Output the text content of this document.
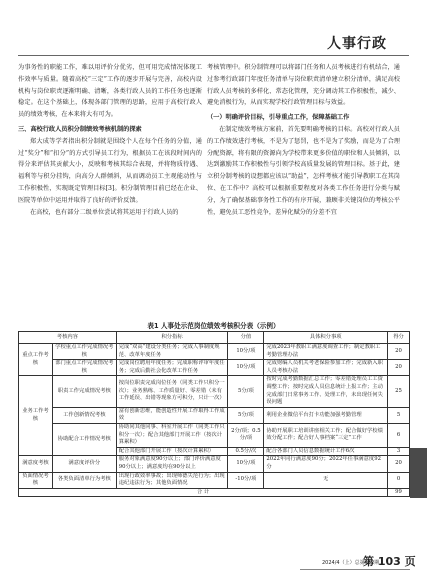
人事行政

为事务性的职能工作，难以用评价分优劣，但可用完成情况体现工作效率与质量。随着高校“三定”工作的逐步开展与完善，高校内设机构与岗位职责逐渐明确、清晰，各类行政人员的工作任务也逐渐稳定。在这个基础上，体现各部门管理的思路，应用于高校行政人员的绩效考核，在本来将大有可为。

三、高校行政人员积分制绩效考核机制的探索

郑大成等学者指出积分制就是围绕个人在每个任务的分值，通过“奖分”和“扣分”的方式引导员工行为，根据员工在该段时间内的得分来评估其贡献大小，反映和考核其综合表现，并将物质待遇、福利等与积分挂钩，向高分人群倾斜，从而调动员工主观能动性与工作积极性，实现既定管理目标[3]。积分制管理目前已经在企业、医院等单位中运用并取得了良好的评价反馈。

在高校，也有部分二级单位尝试将其运用于行政人员的

考核管理中。积分制管理可以将部门任务和人员考核进行有机结合，通过参考行政部门年度任务清单与岗位职责清单建立积分清单，满足高校行政人员考核的多样化、常态化管理，充分调动其工作积极性，减少、避免消极行为，从而实现学校行政管理目标与效益。

（一）明确评价目标，引导重点工作，保障基础工作

在制定绩效考核方案前，首先要明确考核的目标。高校对行政人员的工作绩效进行考核，不是为了惩罚，也不是为了奖励，而是为了合理分配资源，将有限的资源向为学校带来更多价值的职位和人员倾斜，以达到激励其工作积极性与引领学校高质量发展的管理目标。基于此，建立积分制考核的设想都应该以“助益”，怎样考核才能引导教职工在其岗位、在工作中？高校可以根据重要程度对各类工作任务进行分类与赋分，为了确保基础事务性工作的有序开展，兼顾非关键岗位的考核公平性，避免员工恶性竞争，差异化赋分的分差不宜

表1 人事处示范岗位绩效考核积分表（示例）
考核内容		积分指标	分值	具体积分事项	得分
重点工作考核	学校重点工作完成情况考核	完成“双高”建设分类任务；完成人事制度规范、改革年度任务	10分/项	完成2023年教职工满意度调查工作；制定教职工考勤管理办法	20
	部门重点工作完成情况考核	完成岗位聘用年度任务；完成职称评审年度任务；完成后勤社会化改革工作任务	10分/项	完成财编人员机关考老保险参加工作；完成新入职人员考核办法	20
业务工作考核	职责工作完成情况考核	按岗位职责完成岗位任务（同类工作只积分一次）；业务熟练、工作质量好、零差错（未有工作延误、出错等现象方可积分，只计一次）	5分/项	按时完成考勤数据汇总工作；零差错处理员工工资调整工作；按时完成人员信息统计上报工作；主动完成部门日常事务工作、处理工作，未出现任何失误问题	25
	工作创新情况考核	富有创新思维，能创造性开展工作取得工作成效	5分/项	利用企业微信平台打卡功能加强考勤管理	5
	协助配合工作情况考核	协助同其他同事、科室开展工作（同类工作只积分一次）；配合其他部门开展工作（按次计算累积）	2分/项；0.5分/项	协助开展职工培训讲座相关工作；配合做好学校绩效分配工作；配合好人事档案“三定”工作	6
		配合其他部门开展工作（按次计算累积）	0.5分/次	配合各部门人员信息数据统计工作6次	3
满意度考核	满意度评价分	服务对象满意度90分以上；部门评价满意度90分以上；满意度均在90分以上	10分/项	2022年同行满意度90分；2022年任事满意度92分	20
负面情况考核	各类负面清单行为考核	出现行政效率事故；出现师德失范行为；出现违纪违法行为；其他负面情况	-10分/项	无	0
合 计					99
2024/4（上）总第432期
第 103 页
